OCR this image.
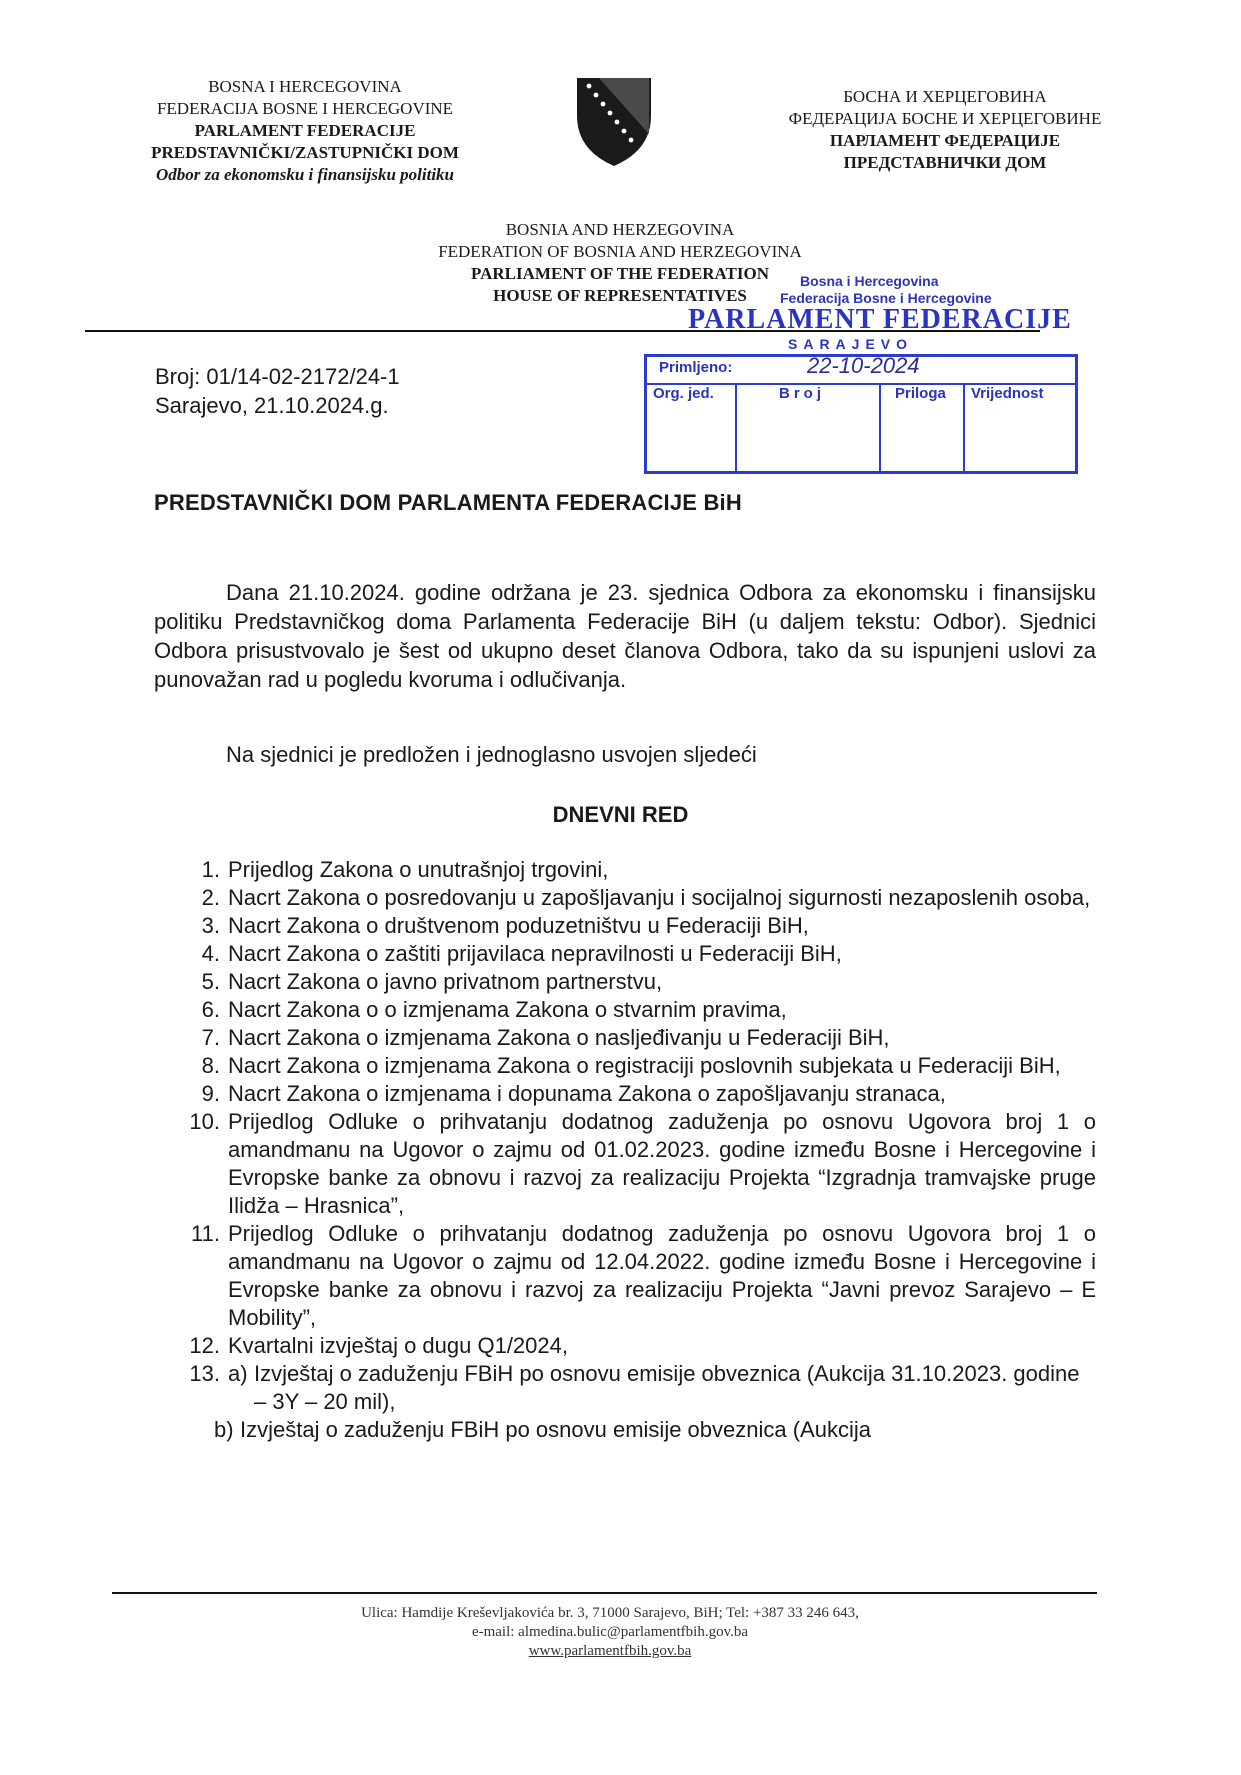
BOSNA I HERCEGOVINA
FEDERACIJA BOSNE I HERCEGOVINE
PARLAMENT FEDERACIJE
PREDSTAVNIČKI/ZASTUPNIČKI DOM
Odbor za ekonomsku i finansijsku politiku
БОСНА И ХЕРЦЕГОВИНА
ФЕДЕРАЦИЈА БОСНЕ И ХЕРЦЕГОВИНЕ
ПАРЛАМЕНТ ФЕДЕРАЦИЈЕ
ПРЕДСТАВНИЧКИ ДОМ
BOSNIA AND HERZEGOVINA
FEDERATION OF BOSNIA AND HERZEGOVINA
PARLIAMENT OF THE FEDERATION
HOUSE OF REPRESENTATIVES
Bosna i Hercegovina
Federacija Bosne i Hercegovine
PARLAMENT FEDERACIJE
SARAJEVO
Primljeno:	22-10-2024
Org. jed.	Broj	Priloga Vrijednost
Broj: 01/14-02-2172/24-1
Sarajevo, 21.10.2024.g.
PREDSTAVNIČKI DOM PARLAMENTA FEDERACIJE BiH
Dana 21.10.2024. godine održana je 23. sjednica Odbora za ekonomsku i finansijsku politiku Predstavničkog doma Parlamenta Federacije BiH (u daljem tekstu: Odbor). Sjednici Odbora prisustvovalo je šest od ukupno deset članova Odbora, tako da su ispunjeni uslovi za punovažan rad u pogledu kvoruma i odlučivanja.
Na sjednici je predložen i jednoglasno usvojen sljedeći
DNEVNI RED
1. Prijedlog Zakona o unutrašnjoj trgovini,
2. Nacrt Zakona o posredovanju u zapošljavanju i socijalnoj sigurnosti nezaposlenih osoba,
3. Nacrt Zakona o društvenom poduzetništvu u Federaciji BiH,
4. Nacrt Zakona o zaštiti prijavilaca nepravilnosti u Federaciji BiH,
5. Nacrt Zakona o javno privatnom partnerstvu,
6. Nacrt Zakona o o izmjenama Zakona o stvarnim pravima,
7. Nacrt Zakona o izmjenama Zakona o nasljeđivanju u Federaciji BiH,
8. Nacrt Zakona o izmjenama Zakona o registraciji poslovnih subjekata u Federaciji BiH,
9. Nacrt Zakona o izmjenama i dopunama Zakona o zapošljavanju stranaca,
10. Prijedlog Odluke o prihvatanju dodatnog zaduženja po osnovu Ugovora broj 1 o amandmanu na Ugovor o zajmu od 01.02.2023. godine između Bosne i Hercegovine i Evropske banke za obnovu i razvoj za realizaciju Projekta “Izgradnja tramvajske pruge Ilidža – Hrasnica”,
11. Prijedlog Odluke o prihvatanju dodatnog zaduženja po osnovu Ugovora broj 1 o amandmanu na Ugovor o zajmu od 12.04.2022. godine između Bosne i Hercegovine i Evropske banke za obnovu i razvoj za realizaciju Projekta “Javni prevoz Sarajevo – E Mobility”,
12. Kvartalni izvještaj o dugu Q1/2024,
13. a) Izvještaj o zaduženju FBiH po osnovu emisije obveznica (Aukcija 31.10.2023. godine – 3Y – 20 mil),
b) Izvještaj o zaduženju FBiH po osnovu emisije obveznica (Aukcija
Ulica: Hamdije Kreševljakovića br. 3, 71000 Sarajevo, BiH; Tel: +387 33 246 643,
e-mail: almedina.bulic@parlamentfbih.gov.ba
www.parlamentfbih.gov.ba
